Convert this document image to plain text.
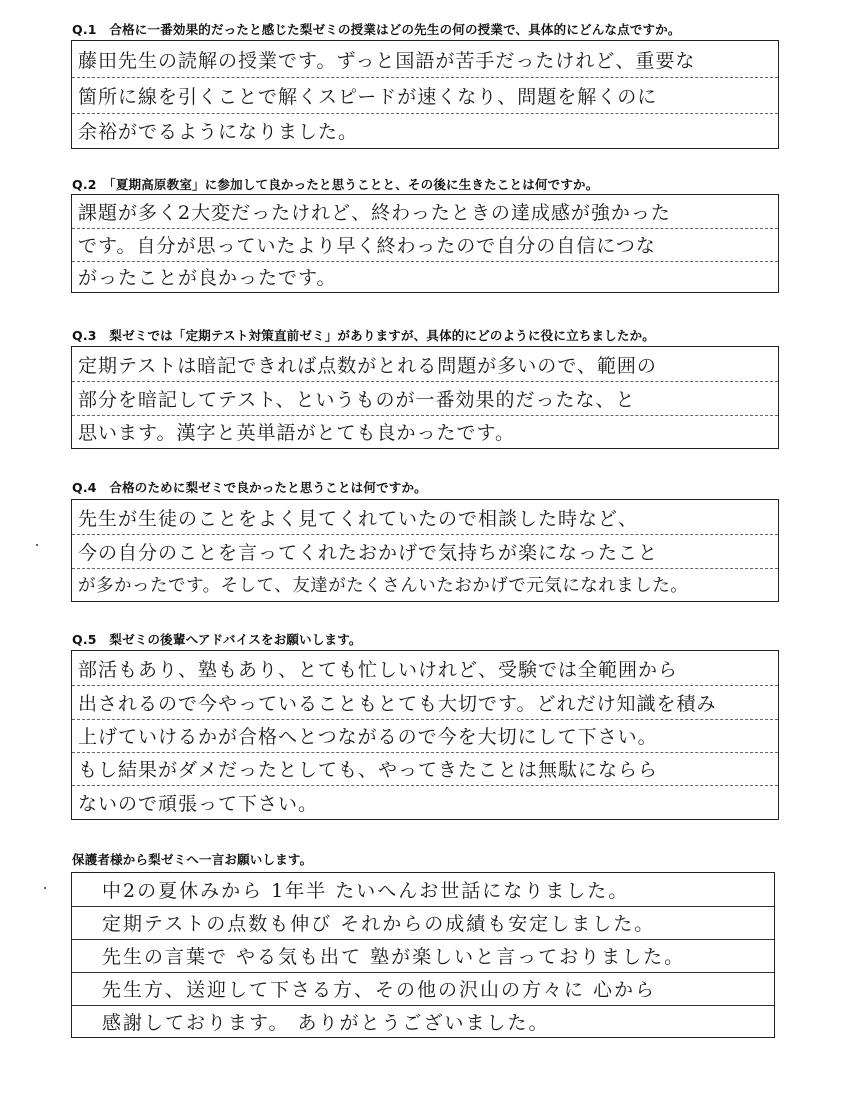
Q.1　合格に一番効果的だったと感じた梨ゼミの授業はどの先生の何の授業で、具体的にどんな点ですか。
藤田先生の読解の授業です。ずっと国語が苦手だったけれど、重要な
箇所に線を引くことで解くスピードが速くなり、問題を解くのに
余裕がでるようになりました。
Q.2　「夏期高原教室」に参加して良かったと思うことと、その後に生きたことは何ですか。
課題が多く2大変だったけれど、終わったときの達成感が強かった
です。自分が思っていたより早く終わったので自分の自信につな
がったことが良かったです。
Q.3　梨ゼミでは「定期テスト対策直前ゼミ」がありますが、具体的にどのように役に立ちましたか。
定期テストは暗記できれば点数がとれる問題が多いので、範囲の
部分を暗記してテスト、というものが一番効果的だったな、と
思います。漢字と英単語がとても良かったです。
Q.4　合格のために梨ゼミで良かったと思うことは何ですか。
先生が生徒のことをよく見てくれていたので相談した時など、
今の自分のことを言ってくれたおかげで気持ちが楽になったこと
が多かったです。そして、友達がたくさんいたおかげで元気になれました。
Q.5　梨ゼミの後輩へアドバイスをお願いします。
部活もあり、塾もあり、とても忙しいけれど、受験では全範囲から
出されるので今やっていることもとても大切です。どれだけ知識を積み
上げていけるかが合格へとつながるので今を大切にして下さい。
もし結果がダメだったとしても、やってきたことは無駄にならら
ないので頑張って下さい。
保護者様から梨ゼミへ一言お願いします。
中2の夏休みから 1年半 たいへんお世話になりました。
定期テストの点数も伸び それからの成績も安定しました。
先生の言葉で やる気も出て 塾が楽しいと言っておりました。
先生方、送迎して下さる方、その他の沢山の方々に 心から
感謝しております。 ありがとうございました。
